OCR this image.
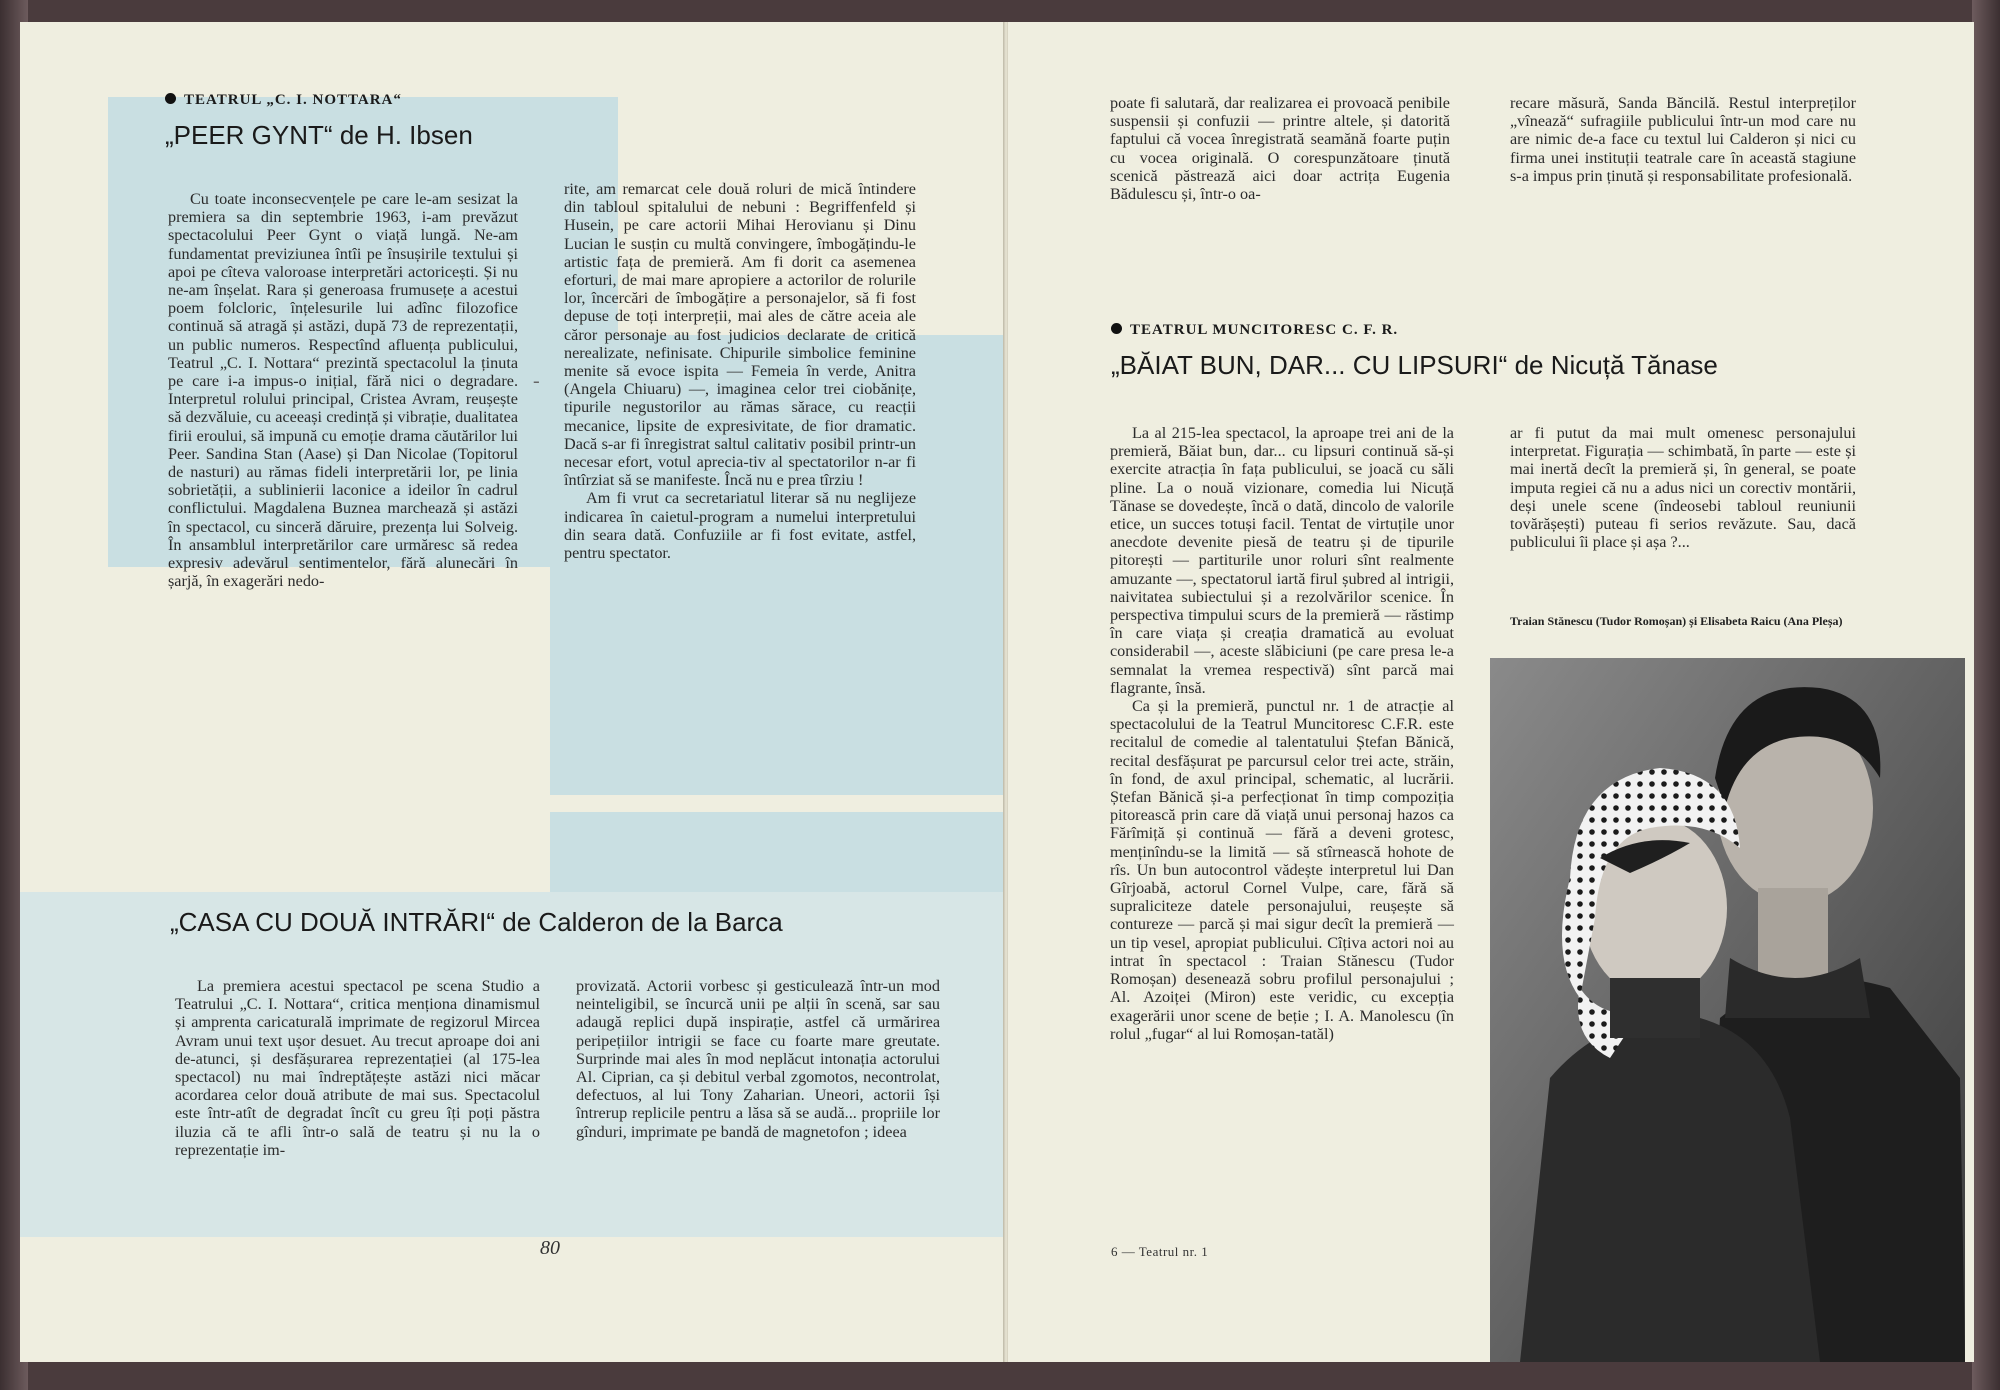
TEATRUL „C. I. NOTTARA“
„PEER GYNT“ de H. Ibsen

Cu toate inconsecvențele pe care le-am sesizat la premiera sa din septembrie 1963, i-am prevăzut spectacolului Peer Gynt o viață lungă. Ne-am fundamentat previziunea întîi pe însușirile textului și apoi pe cîteva valoroase interpretări actoricești. Și nu ne-am înșelat. Rara și generoasa frumusețe a acestui poem folcloric, înțelesurile lui adînc filozofice continuă să atragă și astăzi, după 73 de reprezentații, un public numeros. Respectînd afluența publicului, Teatrul „C. I. Nottara“ prezintă spectacolul la ținuta pe care i-a impus-o inițial, fără nici o degradare. Interpretul rolului principal, Cristea Avram, reușește să dezvăluie, cu aceeași credință și vibrație, dualitatea firii eroului, să impună cu emoție drama căutărilor lui Peer. Sandina Stan (Aase) și Dan Nicolae (Topitorul de nasturi) au rămas fideli interpretării lor, pe linia sobrietății, a sublinierii laconice a ideilor în cadrul conflictului. Magdalena Buznea marchează și astăzi în spectacol, cu sinceră dăruire, prezența lui Solveig. În ansamblul interpretărilor care urmăresc să redea expresiv adevărul sentimentelor, fără alunecări în șarjă, în exagerări nedo-

-

rite, am remarcat cele două roluri de mică întindere din tabloul spitalului de nebuni : Begriffenfeld și Husein, pe care actorii Mihai Herovianu și Dinu Lucian le susțin cu multă convingere, îmbogățindu-le artistic fața de premieră. Am fi dorit ca asemenea eforturi, de mai mare apropiere a actorilor de rolurile lor, încercări de îmbogățire a personajelor, să fi fost depuse de toți interpreții, mai ales de către aceia ale căror personaje au fost judicios declarate de critică nerealizate, nefinisate. Chipurile simbolice feminine menite să evoce ispita — Femeia în verde, Anitra (Angela Chiuaru) —, imaginea celor trei ciobănițe, tipurile negustorilor au rămas sărace, cu reacții mecanice, lipsite de expresivitate, de fior dramatic. Dacă s-ar fi înregistrat saltul calitativ posibil printr-un necesar efort, votul aprecia-tiv al spectatorilor n-ar fi întîrziat să se manifeste. Încă nu e prea tîrziu !

Am fi vrut ca secretariatul literar să nu neglijeze indicarea în caietul-program a numelui interpretului din seara dată. Confuziile ar fi fost evitate, astfel, pentru spectator.

„CASA CU DOUĂ INTRĂRI“ de Calderon de la Barca

La premiera acestui spectacol pe scena Studio a Teatrului „C. I. Nottara“, critica menționa dinamismul și amprenta caricaturală imprimate de regizorul Mircea Avram unui text ușor desuet. Au trecut aproape doi ani de-atunci, și desfășurarea reprezentației (al 175-lea spectacol) nu mai îndreptățește astăzi nici măcar acordarea celor două atribute de mai sus. Spectacolul este într-atît de degradat încît cu greu îți poți păstra iluzia că te afli într-o sală de teatru și nu la o reprezentație im-

provizată. Actorii vorbesc și gesticulează într-un mod neinteligibil, se încurcă unii pe alții în scenă, sar sau adaugă replici după inspirație, astfel că urmărirea peripețiilor intrigii se face cu foarte mare greutate. Surprinde mai ales în mod neplăcut intonația actorului Al. Ciprian, ca și debitul verbal zgomotos, necontrolat, defectuos, al lui Tony Zaharian. Uneori, actorii își întrerup replicile pentru a lăsa să se audă... propriile lor gînduri, imprimate pe bandă de magnetofon ; ideea

80

poate fi salutară, dar realizarea ei provoacă penibile suspensii și confuzii — printre altele, și datorită faptului că vocea înregistrată seamănă foarte puțin cu vocea originală. O corespunzătoare ținută scenică păstrează aici doar actrița Eugenia Bădulescu și, într-o oa-

recare măsură, Sanda Băncilă. Restul interpreților „vînează“ sufragiile publicului într-un mod care nu are nimic de-a face cu textul lui Calderon și nici cu firma unei instituții teatrale care în această stagiune s-a impus prin ținută și responsabilitate profesională.

TEATRUL MUNCITORESC C. F. R.
„BĂIAT BUN, DAR... CU LIPSURI“ de Nicuță Tănase

La al 215-lea spectacol, la aproape trei ani de la premieră, Băiat bun, dar... cu lipsuri continuă să-și exercite atracția în fața publicului, se joacă cu săli pline. La o nouă vizionare, comedia lui Nicuță Tănase se dovedește, încă o dată, dincolo de valorile etice, un succes totuși facil. Tentat de virtuțile unor anecdote devenite piesă de teatru și de tipurile pitorești — partiturile unor roluri sînt realmente amuzante —, spectatorul iartă firul șubred al intrigii, naivitatea subiectului și a rezolvărilor scenice. În perspectiva timpului scurs de la premieră — răstimp în care viața și creația dramatică au evoluat considerabil —, aceste slăbiciuni (pe care presa le-a semnalat la vremea respectivă) sînt parcă mai flagrante, însă.

Ca și la premieră, punctul nr. 1 de atracție al spectacolului de la Teatrul Muncitoresc C.F.R. este recitalul de comedie al talentatului Ștefan Bănică, recital desfășurat pe parcursul celor trei acte, străin, în fond, de axul principal, schematic, al lucrării. Ștefan Bănică și-a perfecționat în timp compoziția pitorească prin care dă viață unui personaj hazos ca Fărîmiță și continuă — fără a deveni grotesc, menținîndu-se la limită — să stîrnească hohote de rîs. Un bun autocontrol vădește interpretul lui Dan Gîrjoabă, actorul Cornel Vulpe, care, fără să supraliciteze datele personajului, reușește să contureze — parcă și mai sigur decît la premieră — un tip vesel, apropiat publicului. Cîțiva actori noi au intrat în spectacol : Traian Stănescu (Tudor Romoșan) desenează sobru profilul personajului ; Al. Azoiței (Miron) este veridic, cu excepția exagerării unor scene de beție ; I. A. Manolescu (în rolul „fugar“ al lui Romoșan-tatăl)

ar fi putut da mai mult omenesc personajului interpretat. Figurația — schimbată, în parte — este și mai inertă decît la premieră și, în general, se poate imputa regiei că nu a adus nici un corectiv montării, deși unele scene (îndeosebi tabloul reuniunii tovărășești) puteau fi serios revăzute. Sau, dacă publicului îi place și așa ?...

Traian Stănescu (Tudor Romoșan) și Elisabeta Raicu (Ana Pleșa)
6 — Teatrul nr. 1
